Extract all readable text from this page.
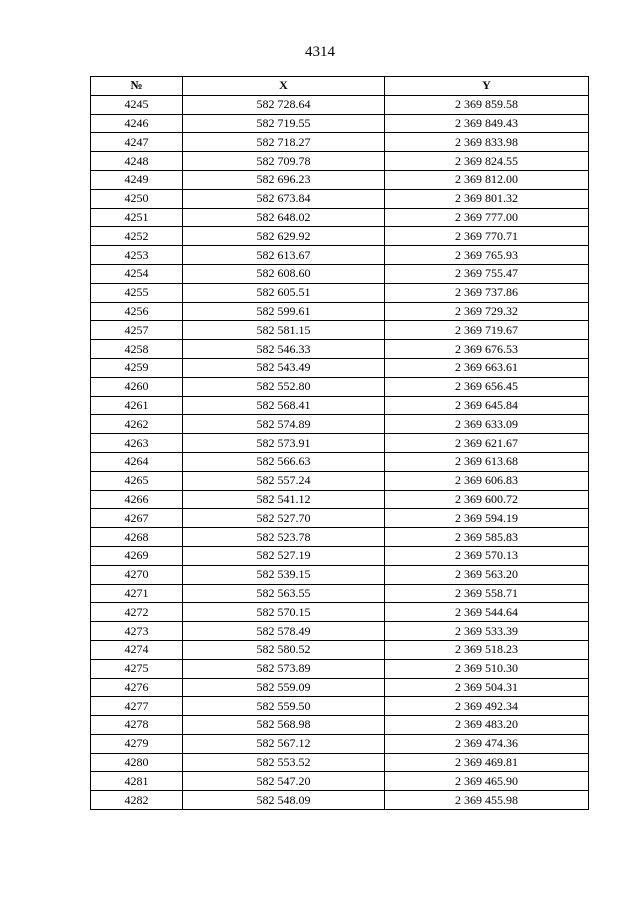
4314
№	X	Y
4245	582 728.64	2 369 859.58
4246	582 719.55	2 369 849.43
4247	582 718.27	2 369 833.98
4248	582 709.78	2 369 824.55
4249	582 696.23	2 369 812.00
4250	582 673.84	2 369 801.32
4251	582 648.02	2 369 777.00
4252	582 629.92	2 369 770.71
4253	582 613.67	2 369 765.93
4254	582 608.60	2 369 755.47
4255	582 605.51	2 369 737.86
4256	582 599.61	2 369 729.32
4257	582 581.15	2 369 719.67
4258	582 546.33	2 369 676.53
4259	582 543.49	2 369 663.61
4260	582 552.80	2 369 656.45
4261	582 568.41	2 369 645.84
4262	582 574.89	2 369 633.09
4263	582 573.91	2 369 621.67
4264	582 566.63	2 369 613.68
4265	582 557.24	2 369 606.83
4266	582 541.12	2 369 600.72
4267	582 527.70	2 369 594.19
4268	582 523.78	2 369 585.83
4269	582 527.19	2 369 570.13
4270	582 539.15	2 369 563.20
4271	582 563.55	2 369 558.71
4272	582 570.15	2 369 544.64
4273	582 578.49	2 369 533.39
4274	582 580.52	2 369 518.23
4275	582 573.89	2 369 510.30
4276	582 559.09	2 369 504.31
4277	582 559.50	2 369 492.34
4278	582 568.98	2 369 483.20
4279	582 567.12	2 369 474.36
4280	582 553.52	2 369 469.81
4281	582 547.20	2 369 465.90
4282	582 548.09	2 369 455.98
